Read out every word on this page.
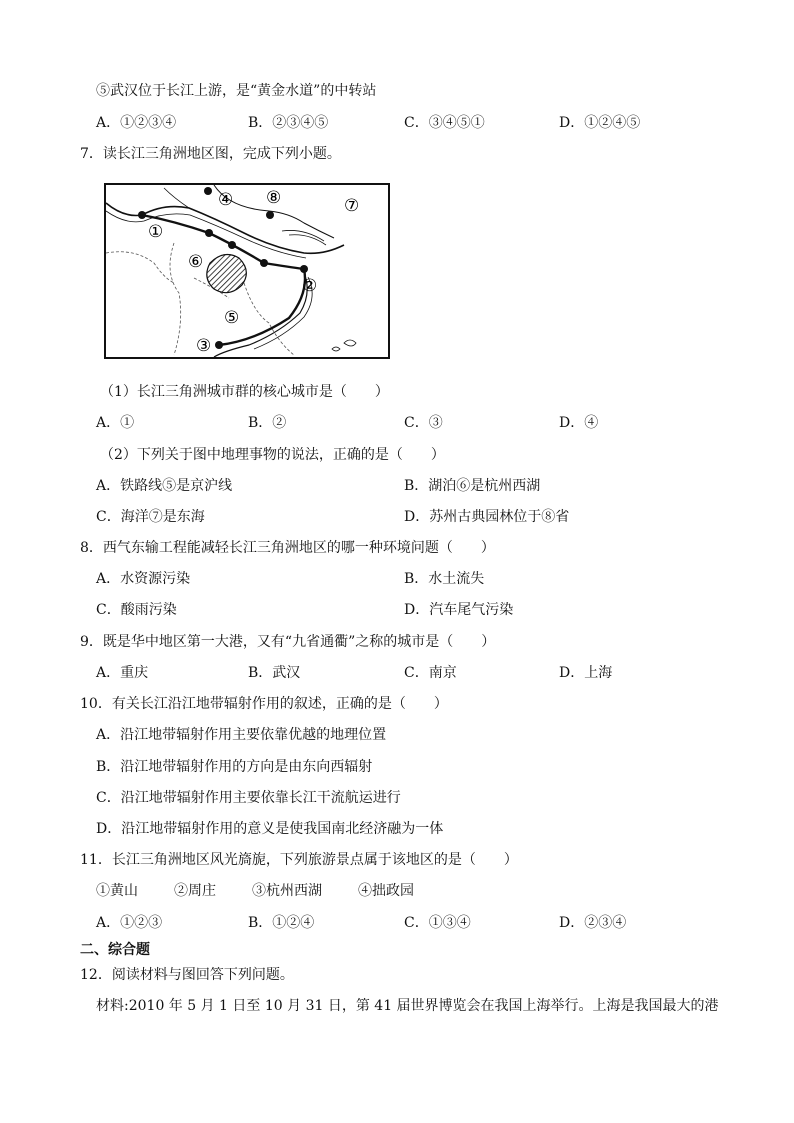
⑤武汉位于长江上游，是“黄金水道”的中转站
A．①②③④	B．②③④⑤	C．③④⑤①	D．①②④⑤
7．读长江三角洲地区图，完成下列小题。
①
②
③
④
⑤
⑥
⑦
⑧
（1）长江三角洲城市群的核心城市是（　　）
A．①	B．②	C．③	D．④
（2）下列关于图中地理事物的说法，正确的是（　　）
A．铁路线⑤是京沪线	B．湖泊⑥是杭州西湖
C．海洋⑦是东海	D．苏州古典园林位于⑧省
8．西气东输工程能减轻长江三角洲地区的哪一种环境问题（　　）
A．水资源污染	B．水土流失
C．酸雨污染	D．汽车尾气污染
9．既是华中地区第一大港，又有“九省通衢”之称的城市是（　　）
A．重庆	B．武汉	C．南京	D．上海
10．有关长江沿江地带辐射作用的叙述，正确的是（　　）
A．沿江地带辐射作用主要依靠优越的地理位置
B．沿江地带辐射作用的方向是由东向西辐射
C．沿江地带辐射作用主要依靠长江干流航运进行
D．沿江地带辐射作用的意义是使我国南北经济融为一体
11．长江三角洲地区风光旖旎，下列旅游景点属于该地区的是（　　）
①黄山	②周庄	③杭州西湖	④拙政园
A．①②③	B．①②④	C．①③④	D．②③④
二、综合题
12．阅读材料与图回答下列问题。
材料:2010 年 5 月 1 日至 10 月 31 日，第 41 届世界博览会在我国上海举行。上海是我国最大的港
